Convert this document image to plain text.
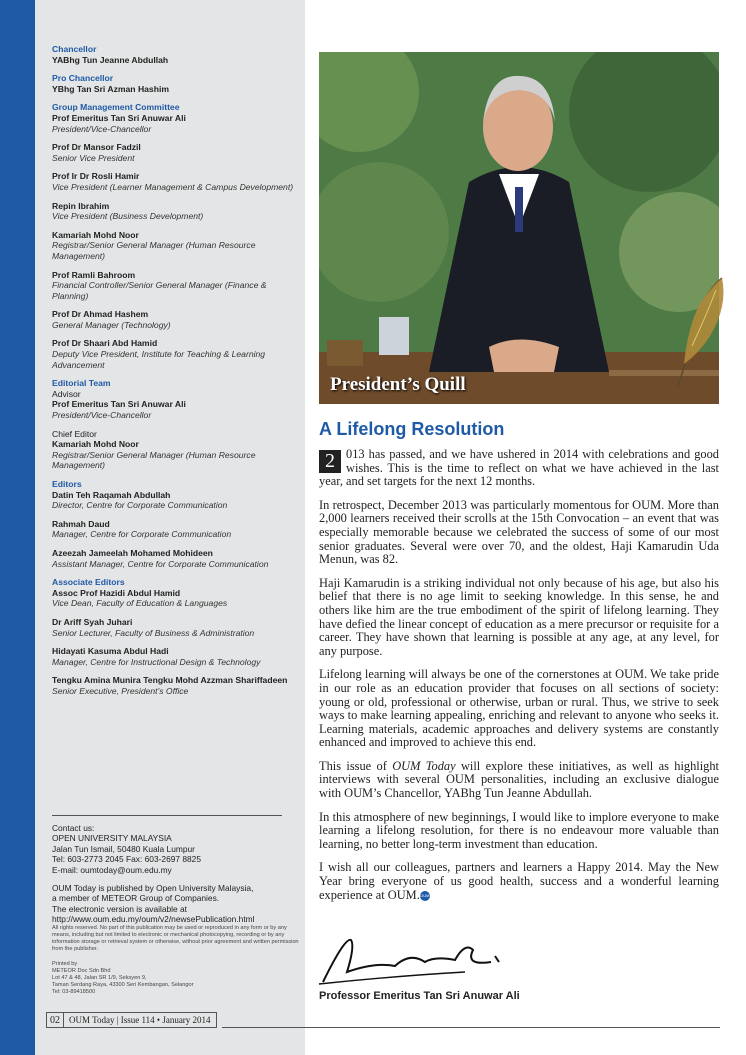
Chancellor
YABhg Tun Jeanne Abdullah
Pro Chancellor
YBhg Tan Sri Azman Hashim
Group Management Committee
Prof Emeritus Tan Sri Anuwar Ali
President/Vice-Chancellor
Prof Dr Mansor Fadzil
Senior Vice President
Prof Ir Dr Rosli Hamir
Vice President (Learner Management & Campus Development)
Repin Ibrahim
Vice President (Business Development)
Kamariah Mohd Noor
Registrar/Senior General Manager (Human Resource Management)
Prof Ramli Bahroom
Financial Controller/Senior General Manager (Finance & Planning)
Prof Dr Ahmad Hashem
General Manager (Technology)
Prof Dr Shaari Abd Hamid
Deputy Vice President, Institute for Teaching & Learning Advancement
Editorial Team
Advisor
Prof Emeritus Tan Sri Anuwar Ali
President/Vice-Chancellor
Chief Editor
Kamariah Mohd Noor
Registrar/Senior General Manager (Human Resource Management)
Editors
Datin Teh Raqamah Abdullah
Director, Centre for Corporate Communication
Rahmah Daud
Manager, Centre for Corporate Communication
Azeezah Jameelah Mohamed Mohideen
Assistant Manager, Centre for Corporate Communication
Associate Editors
Assoc Prof Hazidi Abdul Hamid
Vice Dean, Faculty of Education & Languages
Dr Ariff Syah Juhari
Senior Lecturer, Faculty of Business & Administration
Hidayati Kasuma Abdul Hadi
Manager, Centre for Instructional Design & Technology
Tengku Amina Munira Tengku Mohd Azzman Shariffadeen
Senior Executive, President's Office
Contact us:
OPEN UNIVERSITY MALAYSIA
Jalan Tun Ismail, 50480 Kuala Lumpur
Tel: 603-2773 2045 Fax: 603-2697 8825
E-mail: oumtoday@oum.edu.my
OUM Today is published by Open University Malaysia,
a member of METEOR Group of Companies.
The electronic version is available at
http://www.oum.edu.my/oum/v2/newsePublication.html
All rights reserved. No part of this publication may be used or reproduced in any form or by any means, including but not limited to electronic or mechanical photocopying, recording or by any information storage or retrieval system or otherwise, without prior agreement and written permission from the publisher.
Printed by
METEOR Doc Sdn Bhd
Lot 47 & 48, Jalan SR 1/9, Seksyen 9,
Taman Serdang Raya, 43300 Seri Kembangan, Selangor
Tel: 03-89418500
02	OUM Today | Issue 114 • January 2014
President’s Quill
A Lifelong Resolution

2 013 has passed, and we have ushered in 2014 with celebrations and good wishes. This is the time to reflect on what we have achieved in the last year, and set targets for the next 12 months.

In retrospect, December 2013 was particularly momentous for OUM. More than 2,000 learners received their scrolls at the 15th Convocation – an event that was especially memorable because we celebrated the success of some of our most senior graduates. Several were over 70, and the oldest, Haji Kamarudin Uda Menun, was 82.

Haji Kamarudin is a striking individual not only because of his age, but also his belief that there is no age limit to seeking knowledge. In this sense, he and others like him are the true embodiment of the spirit of lifelong learning. They have defied the linear concept of education as a mere precursor or requisite for a career. They have shown that learning is possible at any age, at any level, for any purpose.

Lifelong learning will always be one of the cornerstones at OUM. We take pride in our role as an education provider that focuses on all sections of society: young or old, professional or otherwise, urban or rural. Thus, we strive to seek ways to make learning appealing, enriching and relevant to anyone who seeks it. Learning materials, academic approaches and delivery systems are constantly enhanced and improved to achieve this end.

This issue of OUM Today will explore these initiatives, as well as highlight interviews with several OUM personalities, including an exclusive dialogue with OUM’s Chancellor, YABhg Tun Jeanne Abdullah.

In this atmosphere of new beginnings, I would like to implore everyone to make learning a lifelong resolution, for there is no endeavour more valuable than learning, no better long-term investment than education.

I wish all our colleagues, partners and learners a Happy 2014. May the New Year bring everyone of us good health, success and a wonderful learning experience at OUM.OUM

Professor Emeritus Tan Sri Anuwar Ali
